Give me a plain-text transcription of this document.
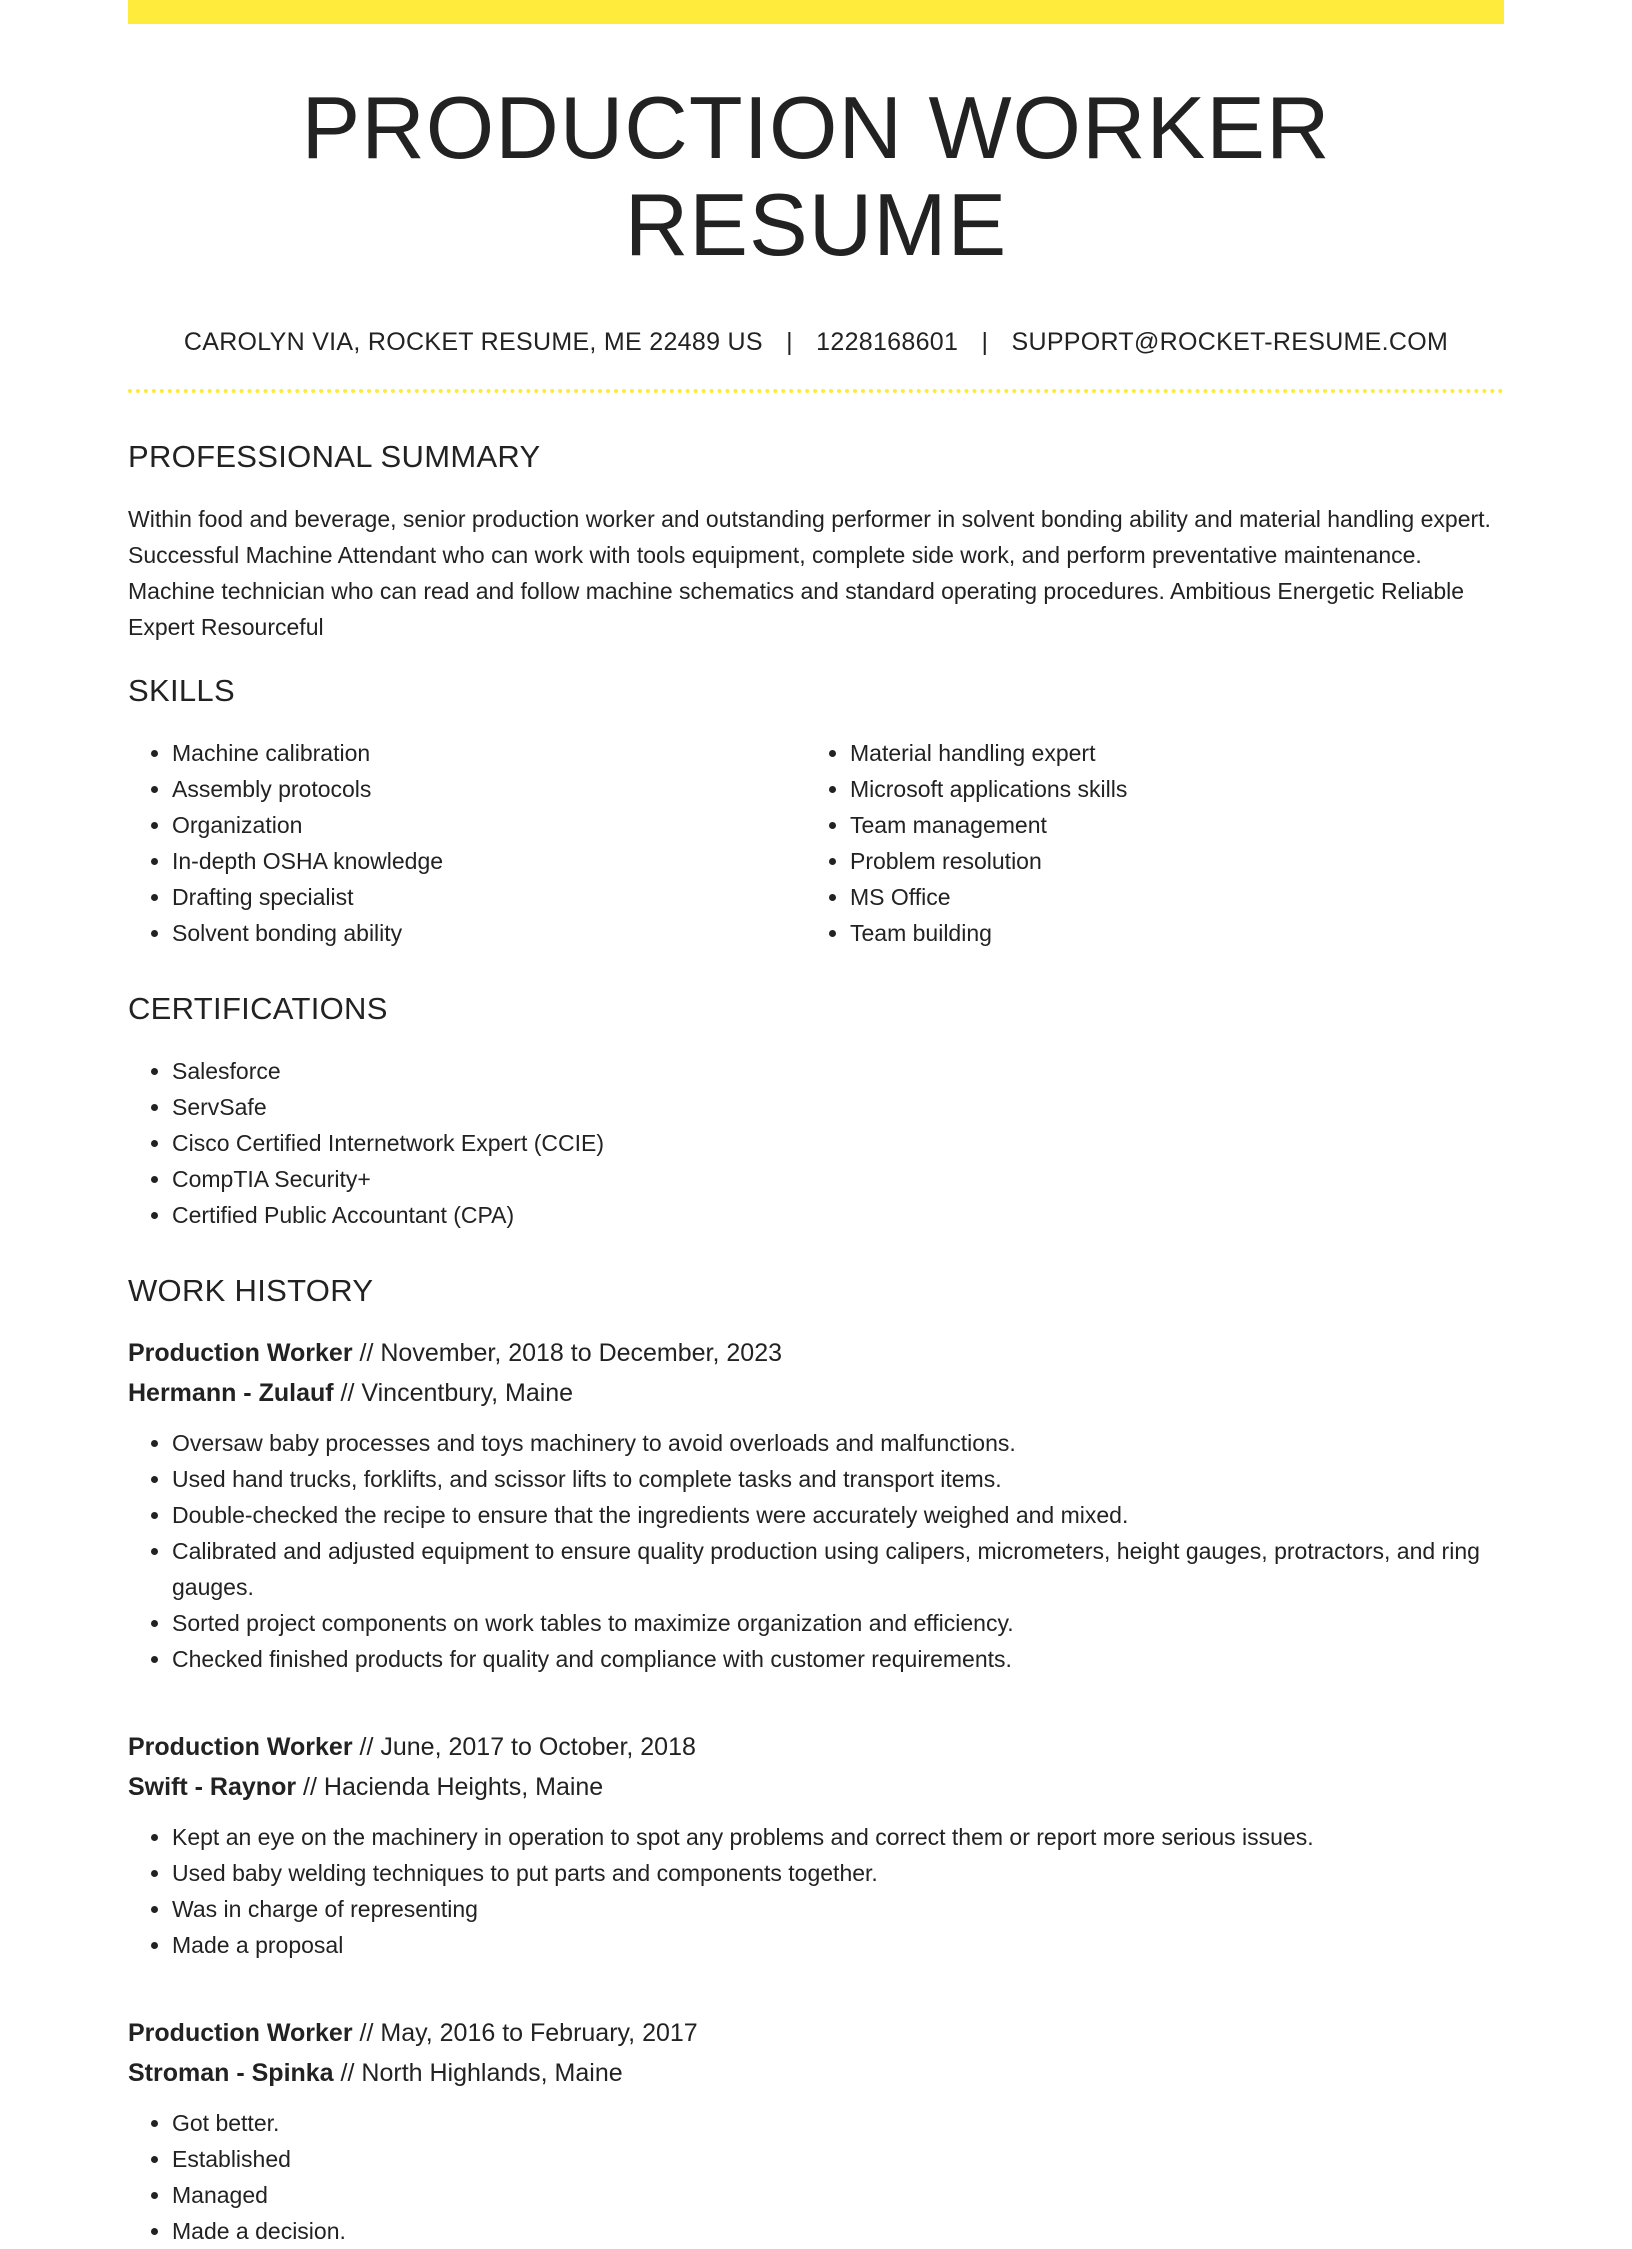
PRODUCTION WORKER RESUME
CAROLYN VIA, ROCKET RESUME, ME 22489 US | 1228168601 | SUPPORT@ROCKET-RESUME.COM
PROFESSIONAL SUMMARY

Within food and beverage, senior production worker and outstanding performer in solvent bonding ability and material handling expert. Successful Machine Attendant who can work with tools equipment, complete side work, and perform preventative maintenance. Machine technician who can read and follow machine schematics and standard operating procedures. Ambitious Energetic Reliable Expert Resourceful

SKILLS
• Machine calibration
• Assembly protocols
• Organization
• In-depth OSHA knowledge
• Drafting specialist
• Solvent bonding ability
• Material handling expert
• Microsoft applications skills
• Team management
• Problem resolution
• MS Office
• Team building
CERTIFICATIONS
• Salesforce
• ServSafe
• Cisco Certified Internetwork Expert (CCIE)
• CompTIA Security+
• Certified Public Accountant (CPA)
WORK HISTORY
Production Worker // November, 2018 to December, 2023
Hermann - Zulauf // Vincentbury, Maine
• Oversaw baby processes and toys machinery to avoid overloads and malfunctions.
• Used hand trucks, forklifts, and scissor lifts to complete tasks and transport items.
• Double-checked the recipe to ensure that the ingredients were accurately weighed and mixed.
• Calibrated and adjusted equipment to ensure quality production using calipers, micrometers, height gauges, protractors, and ring gauges.
• Sorted project components on work tables to maximize organization and efficiency.
• Checked finished products for quality and compliance with customer requirements.
Production Worker // June, 2017 to October, 2018
Swift - Raynor // Hacienda Heights, Maine
• Kept an eye on the machinery in operation to spot any problems and correct them or report more serious issues.
• Used baby welding techniques to put parts and components together.
• Was in charge of representing
• Made a proposal
Production Worker // May, 2016 to February, 2017
Stroman - Spinka // North Highlands, Maine
• Got better.
• Established
• Managed
• Made a decision.
